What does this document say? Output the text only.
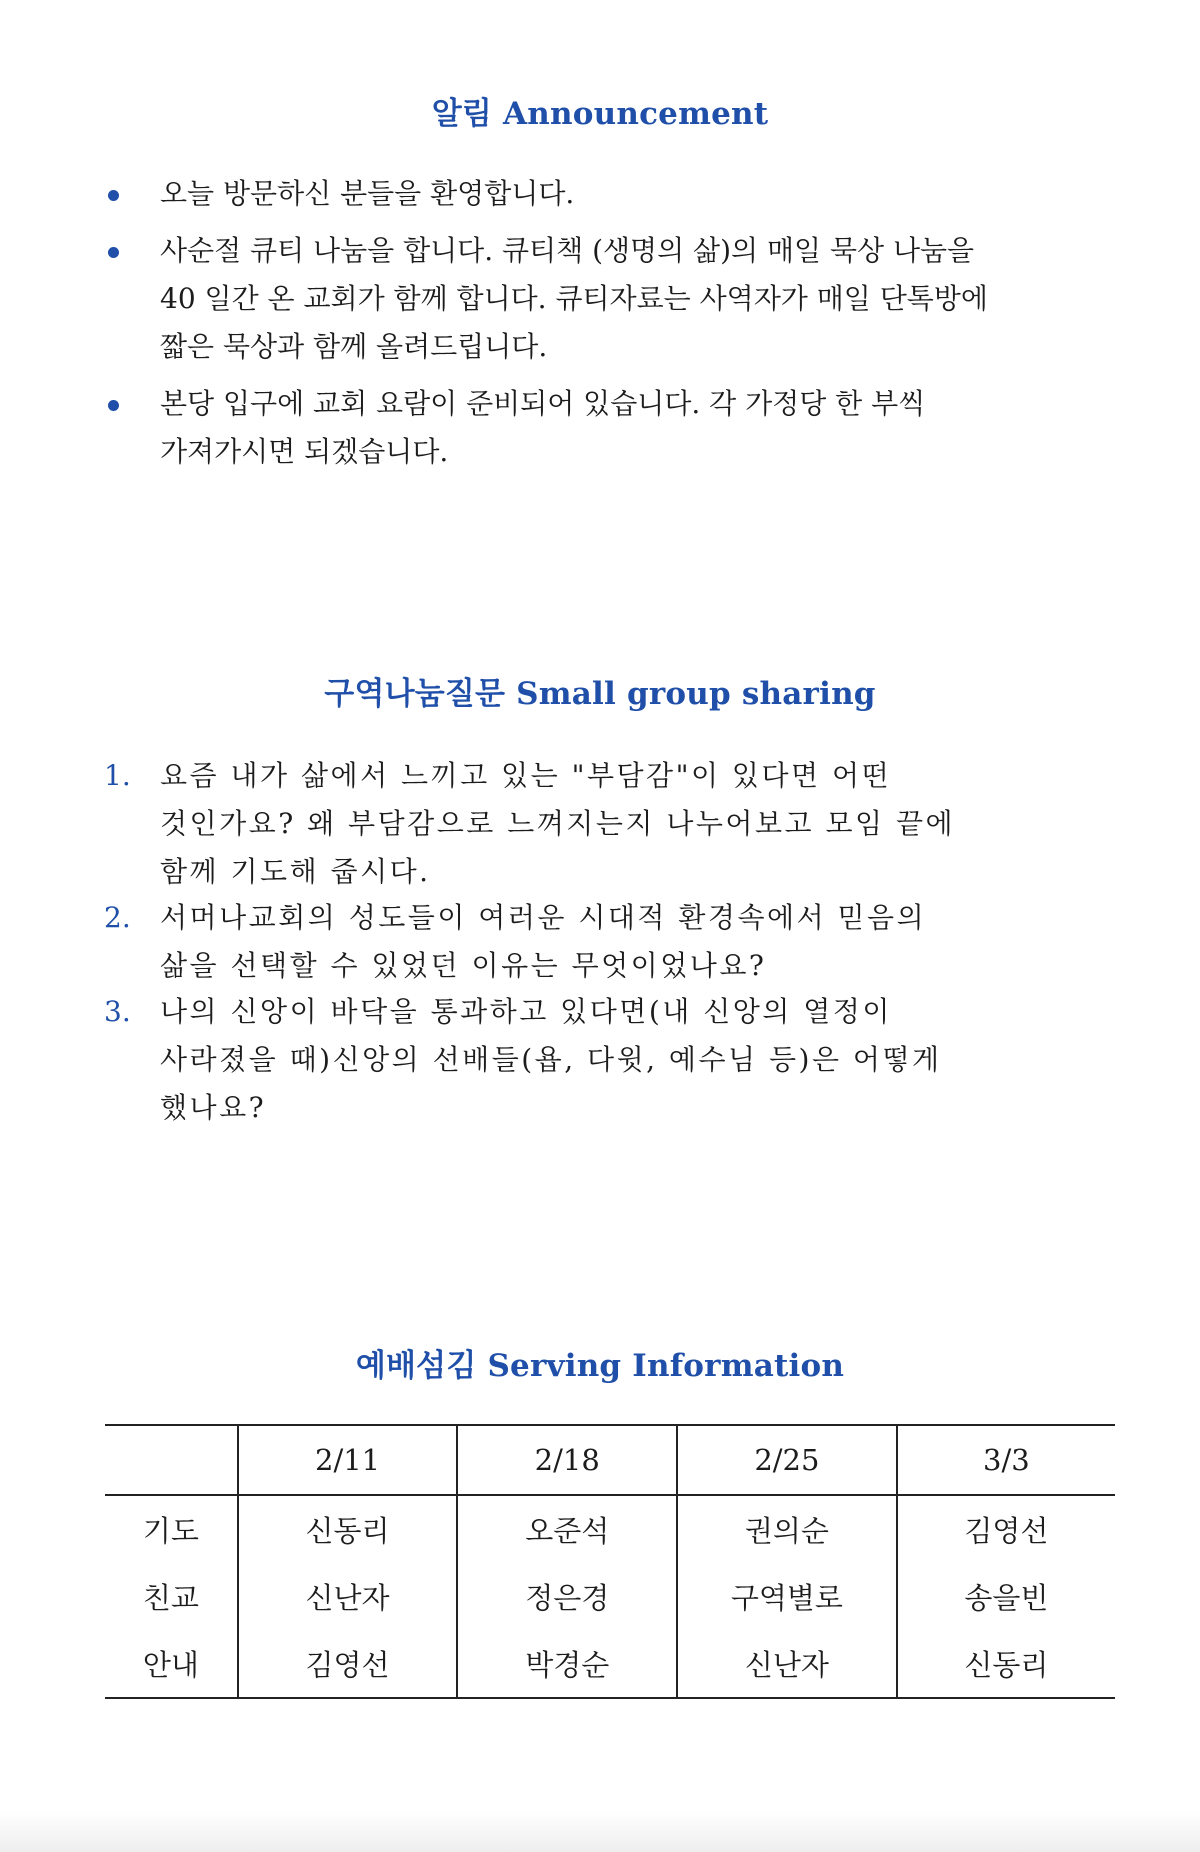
알림 Announcement
오늘 방문하신 분들을 환영합니다.
사순절 큐티 나눔을 합니다. 큐티책 (생명의 삶)의 매일 묵상 나눔을
40 일간 온 교회가 함께 합니다. 큐티자료는 사역자가 매일 단톡방에
짧은 묵상과 함께 올려드립니다.
본당 입구에 교회 요람이 준비되어 있습니다. 각 가정당 한 부씩
가져가시면 되겠습니다.
구역나눔질문 Small group sharing
1. 요즘 내가 삶에서 느끼고 있는 "부담감"이 있다면 어떤
것인가요? 왜 부담감으로 느껴지는지 나누어보고 모임 끝에
함께 기도해 줍시다.
2. 서머나교회의 성도들이 여러운 시대적 환경속에서 믿음의
삶을 선택할 수 있었던 이유는 무엇이었나요?
3. 나의 신앙이 바닥을 통과하고 있다면(내 신앙의 열정이
사라졌을 때)신앙의 선배들(욥, 다윗, 예수님 등)은 어떻게
했나요?
예배섬김 Serving Information
	2/11	2/18	2/25	3/3
기도	신동리	오준석	권의순	김영선
친교	신난자	정은경	구역별로	송을빈
안내	김영선	박경순	신난자	신동리
